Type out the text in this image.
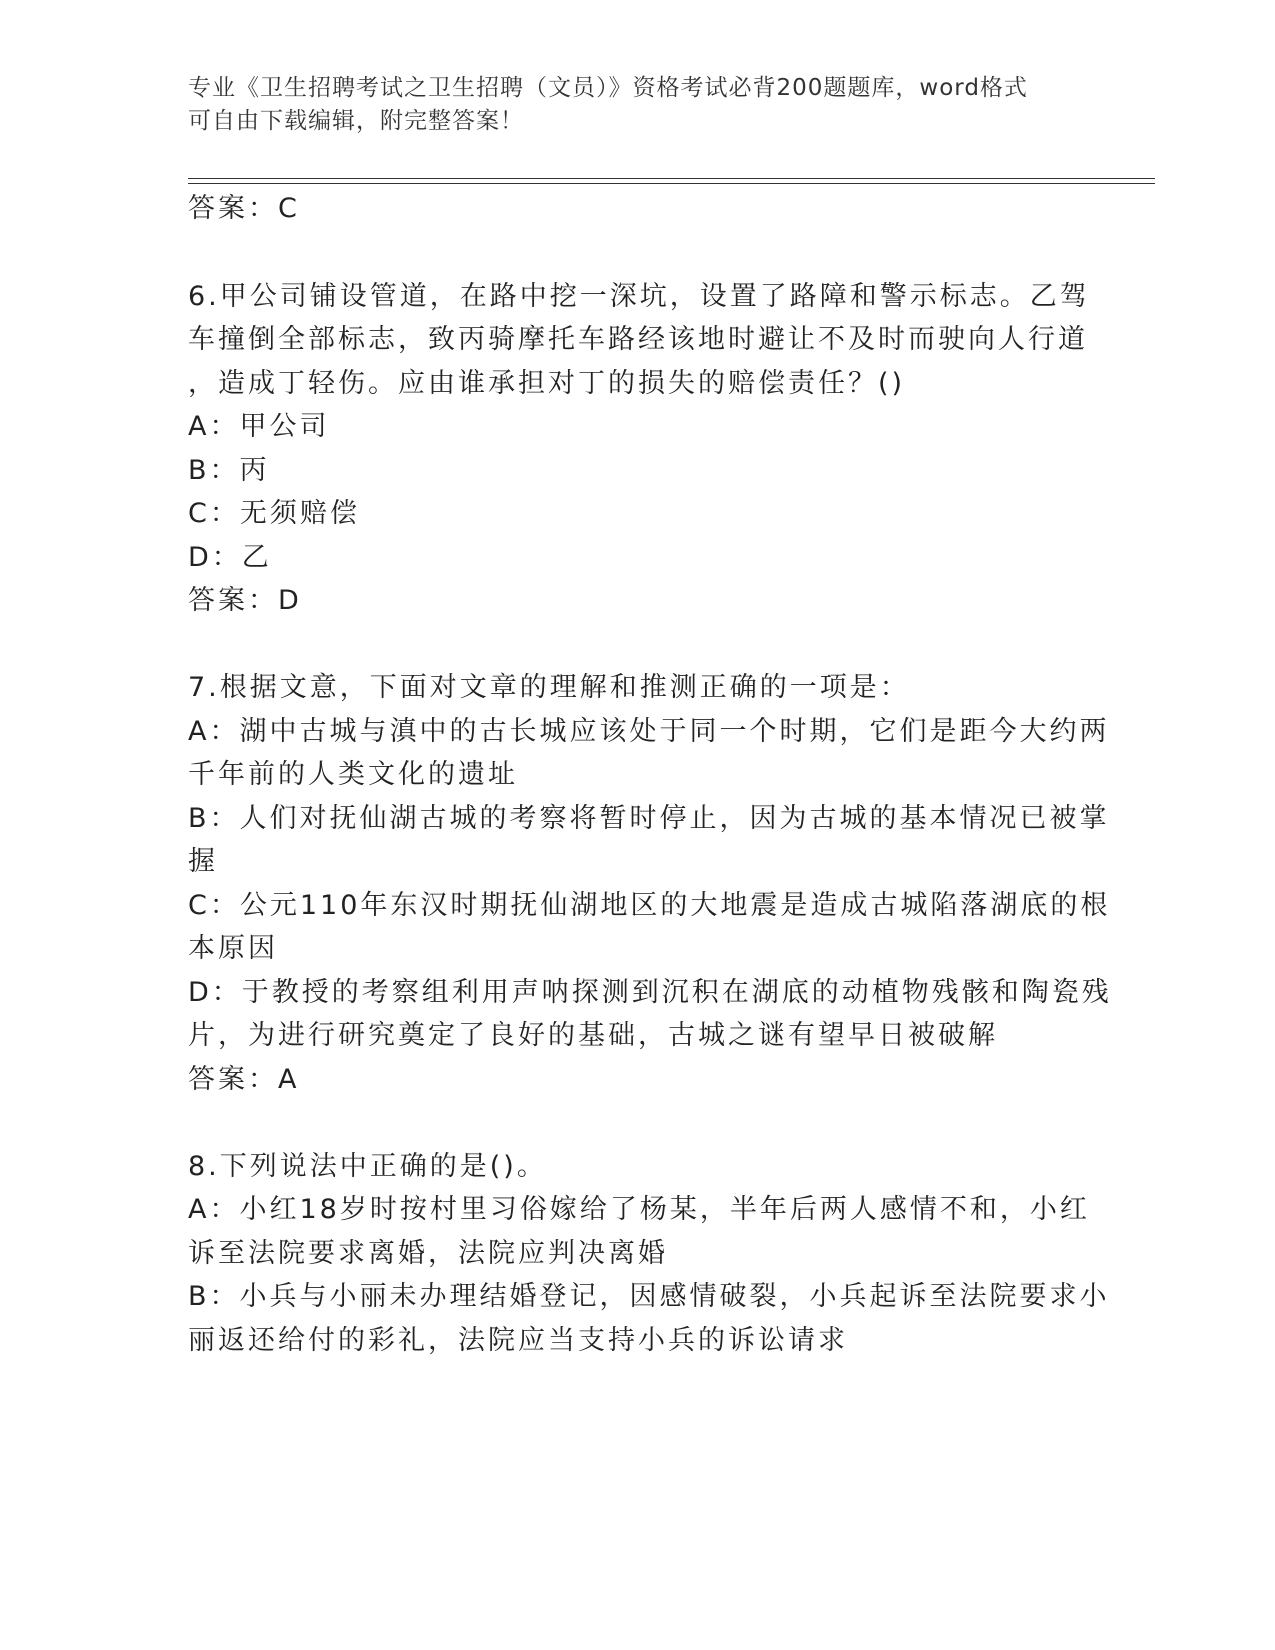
专业《卫生招聘考试之卫生招聘（文员）》资格考试必背200题题库，word格式
可自由下载编辑，附完整答案！
答案：C
6.甲公司铺设管道，在路中挖一深坑，设置了路障和警示标志。乙驾
车撞倒全部标志，致丙骑摩托车路经该地时避让不及时而驶向人行道
，造成丁轻伤。应由谁承担对丁的损失的赔偿责任？()
A：甲公司
B：丙
C：无须赔偿
D：乙
答案：D
7.根据文意，下面对文章的理解和推测正确的一项是：
A：湖中古城与滇中的古长城应该处于同一个时期，它们是距今大约两
千年前的人类文化的遗址
B：人们对抚仙湖古城的考察将暂时停止，因为古城的基本情况已被掌
握
C：公元110年东汉时期抚仙湖地区的大地震是造成古城陷落湖底的根
本原因
D：于教授的考察组利用声呐探测到沉积在湖底的动植物残骸和陶瓷残
片，为进行研究奠定了良好的基础，古城之谜有望早日被破解
答案：A
8.下列说法中正确的是()。
A：小红18岁时按村里习俗嫁给了杨某，半年后两人感情不和，小红
诉至法院要求离婚，法院应判决离婚
B：小兵与小丽未办理结婚登记，因感情破裂，小兵起诉至法院要求小
丽返还给付的彩礼，法院应当支持小兵的诉讼请求
